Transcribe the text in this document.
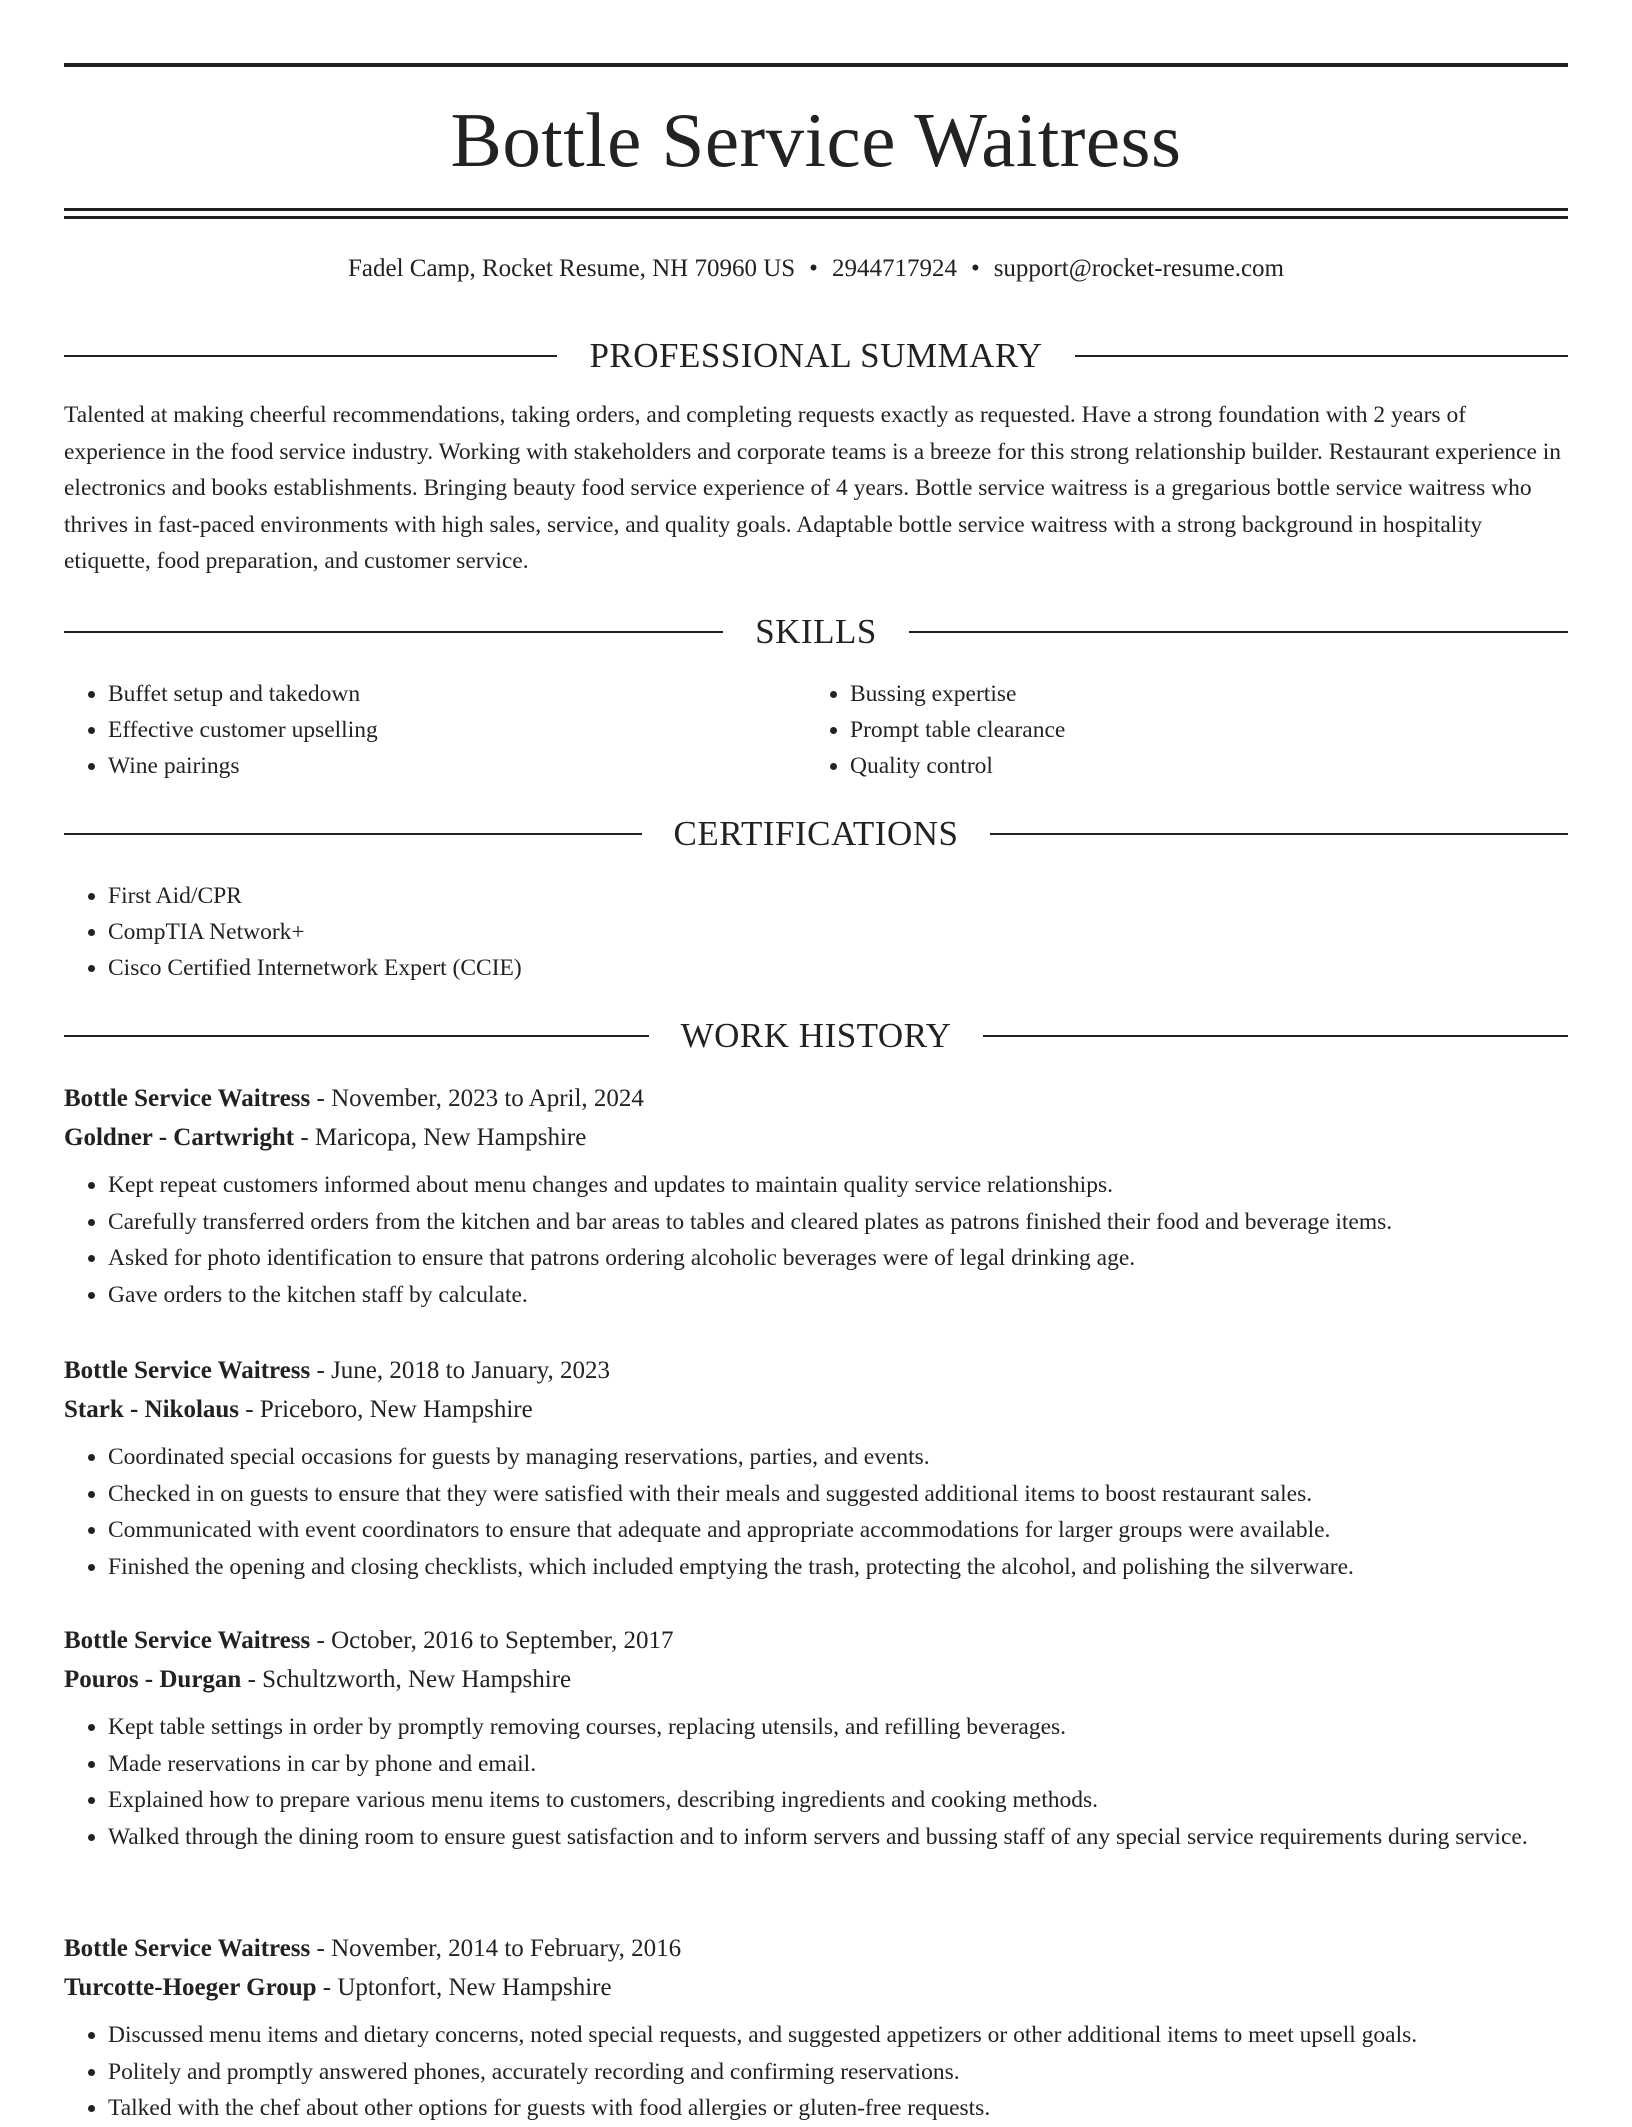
Bottle Service Waitress
Fadel Camp, Rocket Resume, NH 70960 US • 2944717924 • support@rocket-resume.com
PROFESSIONAL SUMMARY

Talented at making cheerful recommendations, taking orders, and completing requests exactly as requested. Have a strong foundation with 2 years of experience in the food service industry. Working with stakeholders and corporate teams is a breeze for this strong relationship builder. Restaurant experience in electronics and books establishments. Bringing beauty food service experience of 4 years. Bottle service waitress is a gregarious bottle service waitress who thrives in fast-paced environments with high sales, service, and quality goals. Adaptable bottle service waitress with a strong background in hospitality etiquette, food preparation, and customer service.

SKILLS
• Buffet setup and takedown
• Effective customer upselling
• Wine pairings
• Bussing expertise
• Prompt table clearance
• Quality control
CERTIFICATIONS
• First Aid/CPR
• CompTIA Network+
• Cisco Certified Internetwork Expert (CCIE)
WORK HISTORY
Bottle Service Waitress - November, 2023 to April, 2024
Goldner - Cartwright - Maricopa, New Hampshire
• Kept repeat customers informed about menu changes and updates to maintain quality service relationships.
• Carefully transferred orders from the kitchen and bar areas to tables and cleared plates as patrons finished their food and beverage items.
• Asked for photo identification to ensure that patrons ordering alcoholic beverages were of legal drinking age.
• Gave orders to the kitchen staff by calculate.
Bottle Service Waitress - June, 2018 to January, 2023
Stark - Nikolaus - Priceboro, New Hampshire
• Coordinated special occasions for guests by managing reservations, parties, and events.
• Checked in on guests to ensure that they were satisfied with their meals and suggested additional items to boost restaurant sales.
• Communicated with event coordinators to ensure that adequate and appropriate accommodations for larger groups were available.
• Finished the opening and closing checklists, which included emptying the trash, protecting the alcohol, and polishing the silverware.
Bottle Service Waitress - October, 2016 to September, 2017
Pouros - Durgan - Schultzworth, New Hampshire
• Kept table settings in order by promptly removing courses, replacing utensils, and refilling beverages.
• Made reservations in car by phone and email.
• Explained how to prepare various menu items to customers, describing ingredients and cooking methods.
• Walked through the dining room to ensure guest satisfaction and to inform servers and bussing staff of any special service requirements during service.
Bottle Service Waitress - November, 2014 to February, 2016
Turcotte-Hoeger Group - Uptonfort, New Hampshire
• Discussed menu items and dietary concerns, noted special requests, and suggested appetizers or other additional items to meet upsell goals.
• Politely and promptly answered phones, accurately recording and confirming reservations.
• Talked with the chef about other options for guests with food allergies or gluten-free requests.
